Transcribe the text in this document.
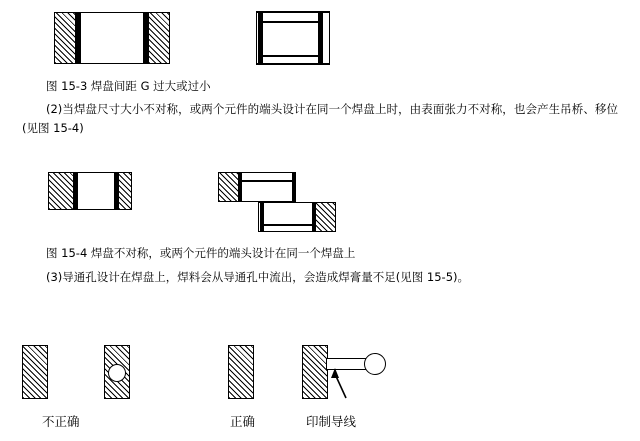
图 15-3 焊盘间距 G 过大或过小
(2)当焊盘尺寸大小不对称，或两个元件的端头设计在同一个焊盘上时，由表面张力不对称，也会产生吊桥、移位(见图 15-4)
图 15-4 焊盘不对称，或两个元件的端头设计在同一个焊盘上
(3)导通孔设计在焊盘上，焊料会从导通孔中流出，会造成焊膏量不足(见图 15-5)。
不正确	正确	印制导线
